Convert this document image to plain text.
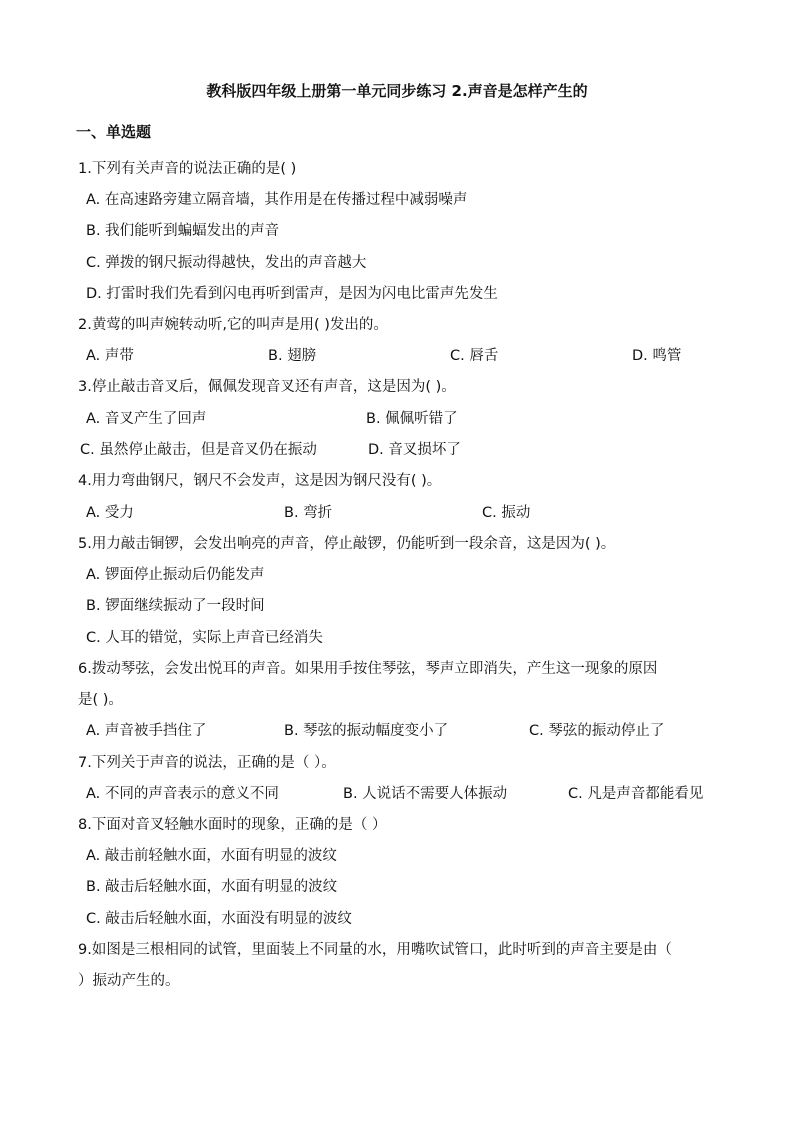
教科版四年级上册第一单元同步练习 2.声音是怎样产生的
一、单选题
1.下列有关声音的说法正确的是( )
A. 在高速路旁建立隔音墙，其作用是在传播过程中减弱噪声
B. 我们能听到蝙蝠发出的声音
C. 弹拨的钢尺振动得越快，发出的声音越大
D. 打雷时我们先看到闪电再听到雷声，是因为闪电比雷声先发生
2.黄莺的叫声婉转动听,它的叫声是用( )发出的。
A. 声带	B. 翅膀	C. 唇舌	D. 鸣管
3.停止敲击音叉后，佩佩发现音叉还有声音，这是因为( )。
A. 音叉产生了回声	B. 佩佩听错了
C. 虽然停止敲击，但是音叉仍在振动	D. 音叉损坏了
4.用力弯曲钢尺，钢尺不会发声，这是因为钢尺没有( )。
A. 受力	B. 弯折	C. 振动
5.用力敲击铜锣，会发出响亮的声音，停止敲锣，仍能听到一段余音，这是因为( )。
A. 锣面停止振动后仍能发声
B. 锣面继续振动了一段时间
C. 人耳的错觉，实际上声音已经消失
6.拨动琴弦，会发出悦耳的声音。如果用手按住琴弦，琴声立即消失，产生这一现象的原因
是( )。
A. 声音被手挡住了	B. 琴弦的振动幅度变小了	C. 琴弦的振动停止了
7.下列关于声音的说法，正确的是（ ）。
A. 不同的声音表示的意义不同	B. 人说话不需要人体振动	C. 凡是声音都能看见
8.下面对音叉轻触水面时的现象，正确的是（ ）
A. 敲击前轻触水面，水面有明显的波纹
B. 敲击后轻触水面，水面有明显的波纹
C. 敲击后轻触水面，水面没有明显的波纹
9.如图是三根相同的试管，里面装上不同量的水，用嘴吹试管口，此时听到的声音主要是由（
）振动产生的。
